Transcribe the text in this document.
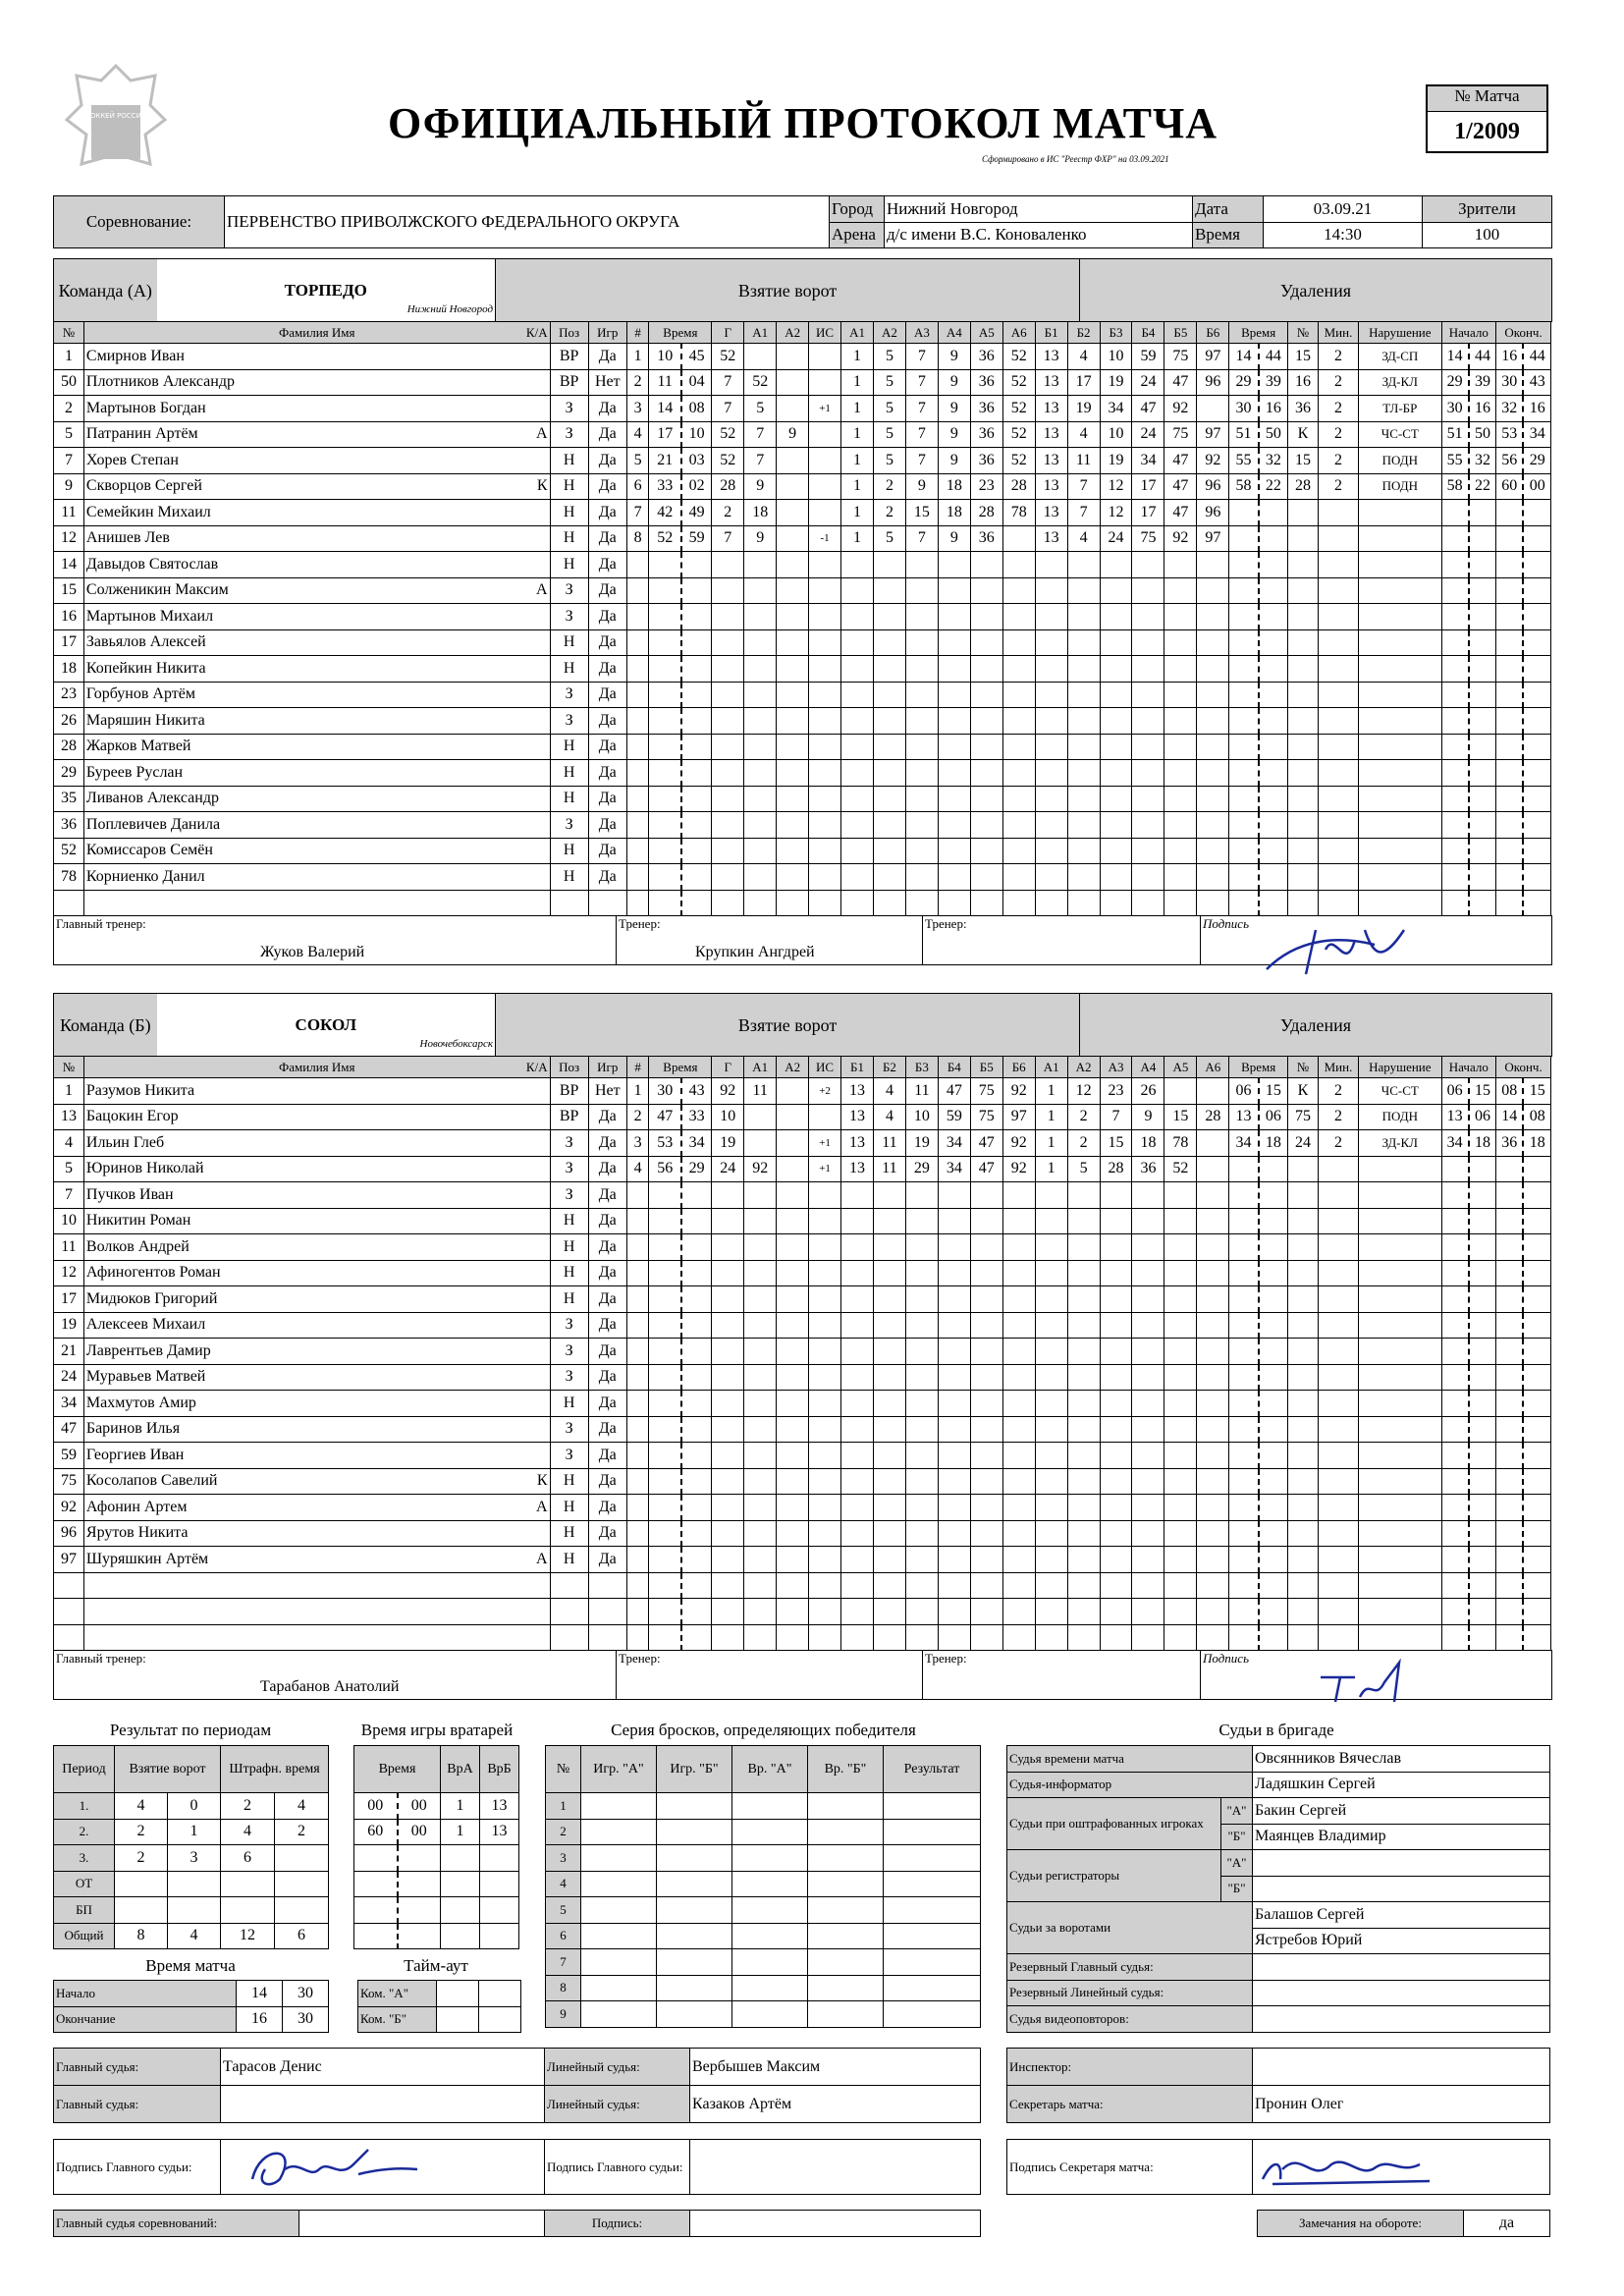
ХОККЕЙ РОССИИ	ОФИЦИАЛЬНЫЙ ПРОТОКОЛ МАТЧА
Сформировано в ИС "Реестр ФХР" на 03.09.2021
№ Матча
1/2009
Соревнование:	ПЕРВЕНСТВО ПРИВОЛЖСКОГО ФЕДЕРАЛЬНОГО ОКРУГА	Город	Нижний Новгород	Дата	03.09.21	Зрители
		Арена	д/с имени В.С. Коноваленко	Время	14:30	100
Команда (А)	ТОРПЕДО
Нижний Новгород
	Взятие ворот	Удаления
№	Фамилия Имя К/А	Поз	Игр	#	Время		Г	А1	А2	ИС	А1	А2	А3	А4	А5	А6	Б1	Б2	Б3	Б4	Б5	Б6	Время		№	Мин.	Нарушение	Начало		Оконч.	
1	Смирнов Иван	ВР	Да	1	10	45	52				1	5	7	9	36	52	13	4	10	59	75	97	14	44	15	2	ЗД-СП	14	44	16	44
50	Плотников Александр	ВР	Нет	2	11	04	7	52			1	5	7	9	36	52	13	17	19	24	47	96	29	39	16	2	ЗД-КЛ	29	39	30	43
2	Мартынов Богдан	З	Да	3	14	08	7	5		+1	1	5	7	9	36	52	13	19	34	47	92		30	16	36	2	ТЛ-БР	30	16	32	16
5	Патранин Артём А	З	Да	4	17	10	52	7	9		1	5	7	9	36	52	13	4	10	24	75	97	51	50	К	2	ЧС-СТ	51	50	53	34
7	Хорев Степан	Н	Да	5	21	03	52	7			1	5	7	9	36	52	13	11	19	34	47	92	55	32	15	2	ПОДН	55	32	56	29
9	Скворцов Сергей К	Н	Да	6	33	02	28	9			1	2	9	18	23	28	13	7	12	17	47	96	58	22	28	2	ПОДН	58	22	60	00
11	Семейкин Михаил	Н	Да	7	42	49	2	18			1	2	15	18	28	78	13	7	12	17	47	96									
12	Анишев Лев	Н	Да	8	52	59	7	9		-1	1	5	7	9	36		13	4	24	75	92	97									
14	Давыдов Святослав	Н	Да																												
15	Солженикин Максим А	З	Да																												
16	Мартынов Михаил	З	Да																												
17	Завьялов Алексей	Н	Да																												
18	Копейкин Никита	Н	Да																												
23	Горбунов Артём	З	Да																												
26	Маряшин Никита	З	Да																												
28	Жарков Матвей	Н	Да																												
29	Буреев Руслан	Н	Да																												
35	Ливанов Александр	Н	Да																												
36	Поплевичев Данила	З	Да																												
52	Комиссаров Семён	Н	Да																												
78	Корниенко Данил	Н	Да																												

Главный тренер:
Жуков Валерий

Тренер:
Крупкин Ангдрей

Тренер:	Подпись
Команда (Б)	СОКОЛ
Новочебоксарск
	Взятие ворот	Удаления
№	Фамилия Имя К/А	Поз	Игр	#	Время		Г	А1	А2	ИС	Б1	Б2	Б3	Б4	Б5	Б6	А1	А2	А3	А4	А5	А6	Время		№	Мин.	Нарушение	Начало		Оконч.	
1	Разумов Никита	ВР	Нет	1	30	43	92	11		+2	13	4	11	47	75	92	1	12	23	26			06	15	К	2	ЧС-СТ	06	15	08	15
13	Бацокин Егор	ВР	Да	2	47	33	10				13	4	10	59	75	97	1	2	7	9	15	28	13	06	75	2	ПОДН	13	06	14	08
4	Ильин Глеб	З	Да	3	53	34	19			+1	13	11	19	34	47	92	1	2	15	18	78		34	18	24	2	ЗД-КЛ	34	18	36	18
5	Юринов Николай	З	Да	4	56	29	24	92		+1	13	11	29	34	47	92	1	5	28	36	52										
7	Пучков Иван	З	Да																												
10	Никитин Роман	Н	Да																												
11	Волков Андрей	Н	Да																												
12	Афиногентов Роман	Н	Да																												
17	Мидюков Григорий	Н	Да																												
19	Алексеев Михаил	З	Да																												
21	Лаврентьев Дамир	З	Да																												
24	Муравьев Матвей	З	Да																												
34	Махмутов Амир	Н	Да																												
47	Баринов Илья	З	Да																												
59	Георгиев Иван	З	Да																												
75	Косолапов Савелий К	Н	Да																												
92	Афонин Артем А	Н	Да																												
96	Ярутов Никита	Н	Да																												
97	Шуряшкин Артём А	Н	Да																												

Главный тренер:
Тарабанов Анатолий

Тренер:	Тренер:	Подпись
Результат по периодам
Период	Взятие ворот		Штрафн. время	
1.	4	0	2	4
2.	2	1	4	2
3.	2	3	6	
ОТ				
БП				
Общий	8	4	12	6
Время игры вратарей
Время		ВрА	ВрБ
00	00	1	13
60	00	1	13

Время матча
Начало	14	30
Окончание	16	30
Тайм-аут
Ком. "А"		
Ком. "Б"		
Серия бросков, определяющих победителя
№	Игр. "А"	Игр. "Б"	Вр. "А"	Вр. "Б"	Результат
1					
2					
3					
4					
5					
6					
7					
8					
9					
Судьи в бригаде
Судья времени матча		Овсянников Вячеслав
Судья-информатор		Ладяшкин Сергей
Судьи при оштрафованных игроках	"А"	Бакин Сергей
	"Б"	Маянцев Владимир
Судьи регистраторы	"А"	
	"Б"	
Судьи за воротами		Балашов Сергей
		Ястребов Юрий
Резервный Главный судья:		
Резервный Линейный судья:		
Судья видеоповторов:		
Главный судья:	Тарасов Денис	Линейный судья:	Вербышев Максим
Главный судья:		Линейный судья:	Казаков Артём
Инспектор:	
Секретарь матча:	Пронин Олег
Подпись Главного судьи:		Подпись Главного судьи:		Подпись Секретаря матча:	
Главный судья соревнований:		Подпись:		Замечания на обороте:	да
